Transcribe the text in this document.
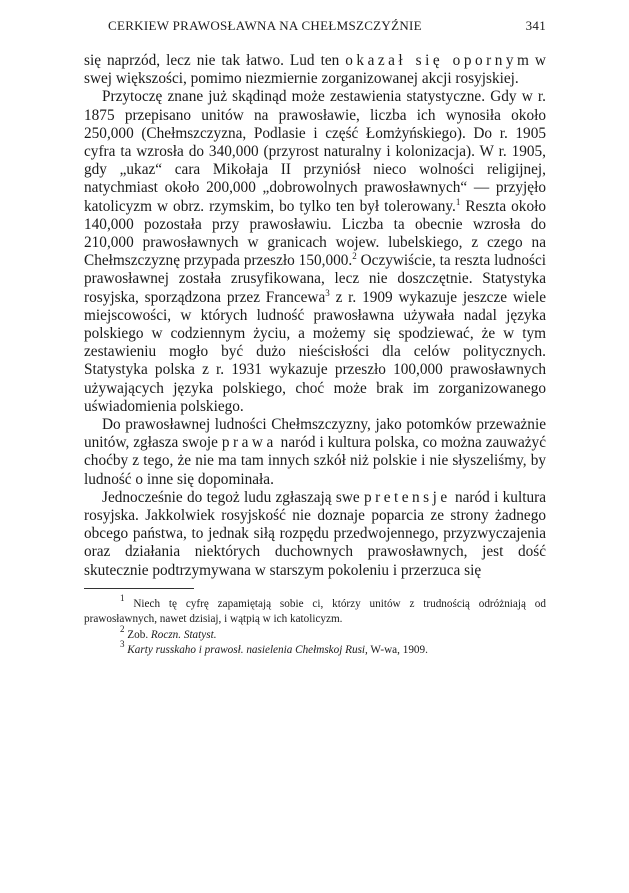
CERKIEW PRAWOSŁAWNA NA CHEŁMSZCZYŹNIE	341

się naprzód, lecz nie tak łatwo. Lud ten okazał się opornym w swej większości, pomimo niezmiernie zorganizowanej akcji rosyjskiej.

Przytoczę znane już skądinąd może zestawienia statystyczne. Gdy w r. 1875 przepisano unitów na prawosławie, liczba ich wynosiła około 250,000 (Chełmszczyzna, Podlasie i część Łomżyńskiego). Do r. 1905 cyfra ta wzrosła do 340,000 (przyrost naturalny i kolonizacja). W r. 1905, gdy „ukaz“ cara Mikołaja II przyniósł nieco wolności religijnej, natychmiast około 200,000 „dobrowolnych prawosławnych“ — przyjęło katolicyzm w obrz. rzymskim, bo tylko ten był tolerowany.$^1$ Reszta około 140,000 pozostała przy prawosławiu. Liczba ta obecnie wzrosła do 210,000 prawosławnych w granicach wojew. lubelskiego, z czego na Chełmszczyznę przypada przeszło 150,000.$^2$ Oczywiście, ta reszta ludności prawosławnej została zrusyfikowana, lecz nie doszczętnie. Statystyka rosyjska, sporządzona przez Francewa$^3$ z r. 1909 wykazuje jeszcze wiele miejscowości, w których ludność prawosławna używała nadal języka polskiego w codziennym życiu, a możemy się spodziewać, że w tym zestawieniu mogło być dużo nieścisłości dla celów politycznych. Statystyka polska z r. 1931 wykazuje przeszło 100,000 prawosławnych używających języka polskiego, choć może brak im zorganizowanego uświadomienia polskiego.

Do prawosławnej ludności Chełmszczyzny, jako potomków przeważnie unitów, zgłasza swoje prawa naród i kultura polska, co można zauważyć choćby z tego, że nie ma tam innych szkół niż polskie i nie słyszeliśmy, by ludność o inne się dopominała.

Jednocześnie do tegoż ludu zgłaszają swe pretensje naród i kultura rosyjska. Jakkolwiek rosyjskość nie doznaje poparcia ze strony żadnego obcego państwa, to jednak siłą rozpędu przedwojennego, przyzwyczajenia oraz działania niektórych duchownych prawosławnych, jest dość skutecznie podtrzymywana w starszym pokoleniu i przerzuca się

$^1$ Niech tę cyfrę zapamiętają sobie ci, którzy unitów z trudnością odróżniają od prawosławnych, nawet dzisiaj, i wątpią w ich katolicyzm.

$^2$ Zob. Roczn. Statyst.

$^3$ Karty russkaho i prawosł. nasielenia Chełmskoj Rusi, W-wa, 1909.
